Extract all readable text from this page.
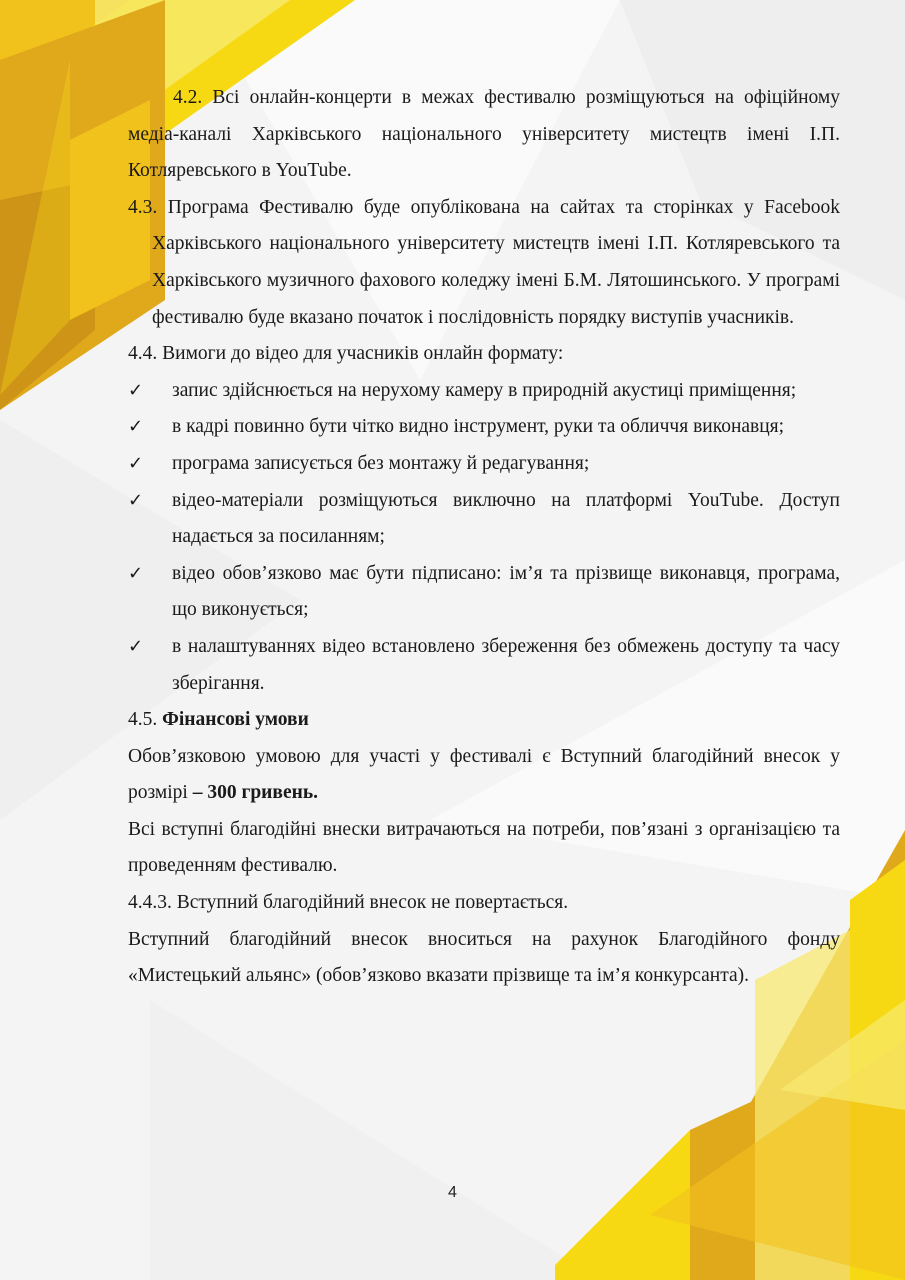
4.2. Всі онлайн-концерти в межах фестивалю розміщуються на офіційному медіа-каналі Харківського національного університету мистецтв імені І.П. Котляревського в YouTube.

4.3. Програма Фестивалю буде опублікована на сайтах та сторінках у Facebook Харківського національного університету мистецтв імені І.П. Котляревського та Харківського музичного фахового коледжу імені Б.М. Лятошинського. У програмі фестивалю буде вказано початок і послідовність порядку виступів учасників.

4.4. Вимоги до відео для учасників онлайн формату:

✓ запис здійснюється на нерухому камеру в природній акустиці приміщення;
✓ в кадрі повинно бути чітко видно інструмент, руки та обличчя виконавця;
✓ програма записується без монтажу й редагування;
✓ відео-матеріали розміщуються виключно на платформі YouTube. Доступ надається за посиланням;
✓ відео обов’язково має бути підписано: ім’я та прізвище виконавця, програма, що виконується;
✓ в налаштуваннях відео встановлено збереження без обмежень доступу та часу зберігання.

4.5. Фінансові умови

Обов’язковою умовою для участі у фестивалі є Вступний благодійний внесок у розмірі – 300 гривень.

Всі вступні благодійні внески витрачаються на потреби, пов’язані з організацією та проведенням фестивалю.

4.4.3. Вступний благодійний внесок не повертається.

Вступний благодійний внесок вноситься на рахунок Благодійного фонду «Мистецький альянс» (обов’язково вказати прізвище та ім’я конкурсанта).

4
